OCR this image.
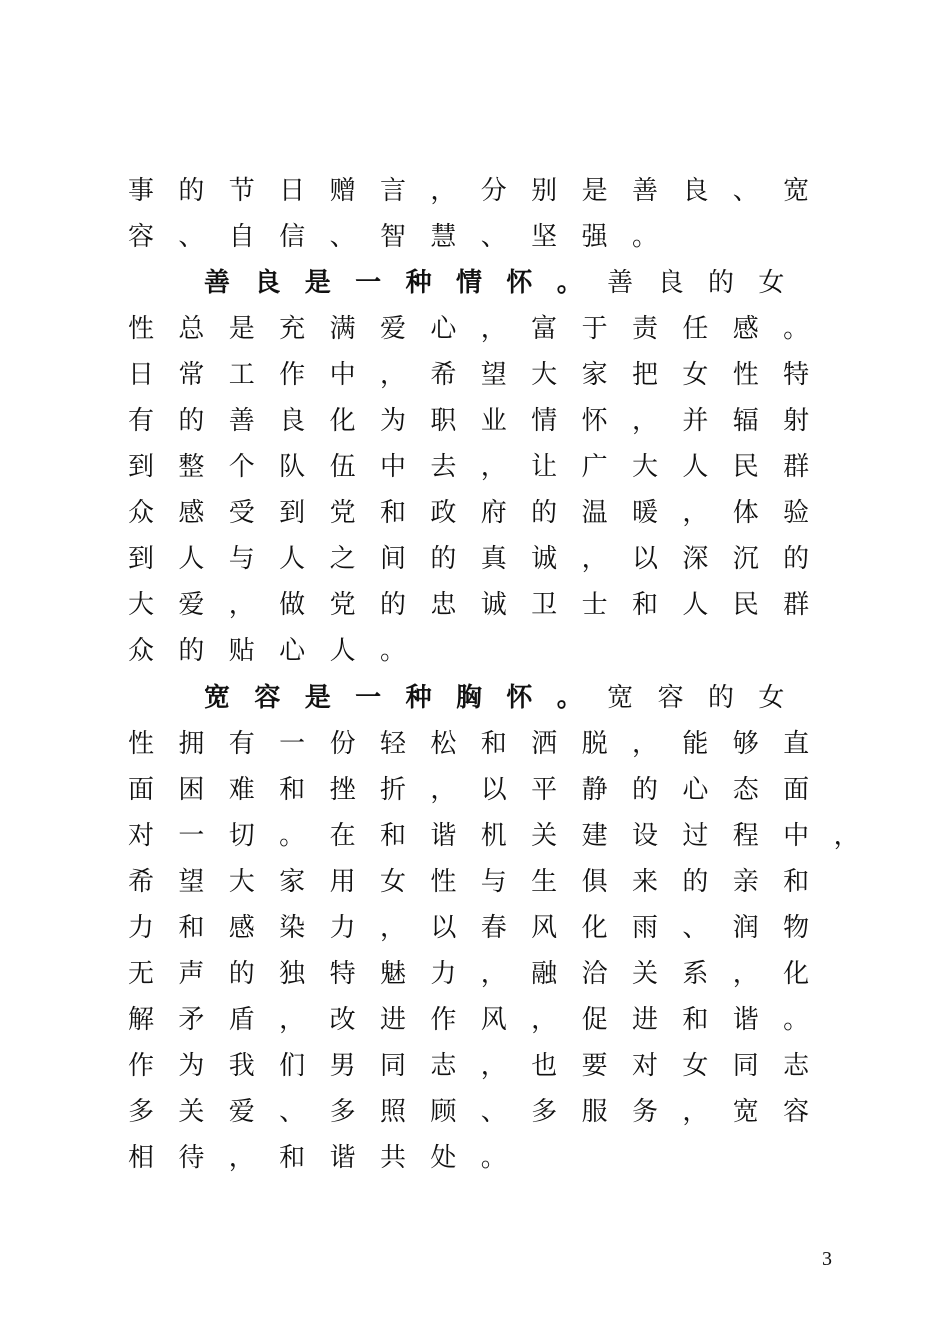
事 的 节 日 赠 言 ， 分 别 是 善 良 、 宽
容 、 自 信 、 智 慧 、 坚 强 。
善 良 是 一 种 情 怀 。 善 良 的 女
性 总 是 充 满 爱 心 ， 富 于 责 任 感 。
日 常 工 作 中 ， 希 望 大 家 把 女 性 特
有 的 善 良 化 为 职 业 情 怀 ， 并 辐 射
到 整 个 队 伍 中 去 ， 让 广 大 人 民 群
众 感 受 到 党 和 政 府 的 温 暖 ， 体 验
到 人 与 人 之 间 的 真 诚 ， 以 深 沉 的
大 爱 ， 做 党 的 忠 诚 卫 士 和 人 民 群
众 的 贴 心 人 。
宽 容 是 一 种 胸 怀 。 宽 容 的 女
性 拥 有 一 份 轻 松 和 洒 脱 ， 能 够 直
面 困 难 和 挫 折 ， 以 平 静 的 心 态 面
对 一 切 。 在 和 谐 机 关 建 设 过 程 中 ，
希 望 大 家 用 女 性 与 生 俱 来 的 亲 和
力 和 感 染 力 ， 以 春 风 化 雨 、 润 物
无 声 的 独 特 魅 力 ， 融 洽 关 系 ， 化
解 矛 盾 ， 改 进 作 风 ， 促 进 和 谐 。
作 为 我 们 男 同 志 ， 也 要 对 女 同 志
多 关 爱 、 多 照 顾 、 多 服 务 ， 宽 容
相 待 ， 和 谐 共 处 。
3
